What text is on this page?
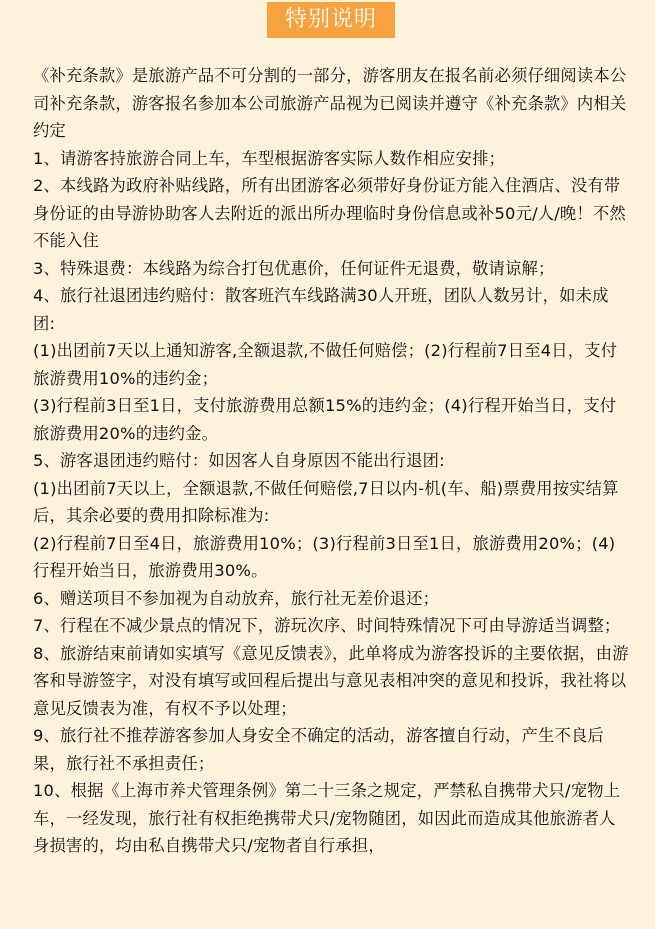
特别说明

《补充条款》是旅游产品不可分割的一部分，游客朋友在报名前必须仔细阅读本公司补充条款，游客报名参加本公司旅游产品视为已阅读并遵守《补充条款》内相关约定

1、请游客持旅游合同上车，车型根据游客实际人数作相应安排；

2、本线路为政府补贴线路，所有出团游客必须带好身份证方能入住酒店、没有带身份证的由导游协助客人去附近的派出所办理临时身份信息或补50元/人/晚！不然不能入住

3、特殊退费：本线路为综合打包优惠价，任何证件无退费，敬请谅解；

4、旅行社退团违约赔付：散客班汽车线路满30人开班，团队人数另计，如未成团:

(1)出团前7天以上通知游客,全额退款,不做任何赔偿；(2)行程前7日至4日，支付旅游费用10%的违约金；

(3)行程前3日至1日，支付旅游费用总额15%的违约金；(4)行程开始当日，支付旅游费用20%的违约金。

5、游客退团违约赔付：如因客人自身原因不能出行退团:

(1)出团前7天以上，全额退款,不做任何赔偿,7日以内-机(车、船)票费用按实结算后，其余必要的费用扣除标准为:

(2)行程前7日至4日，旅游费用10%；(3)行程前3日至1日，旅游费用20%；(4)行程开始当日，旅游费用30%。

6、赠送项目不参加视为自动放弃，旅行社无差价退还；

7、行程在不减少景点的情况下，游玩次序、时间特殊情况下可由导游适当调整；

8、旅游结束前请如实填写《意见反馈表》，此单将成为游客投诉的主要依据，由游客和导游签字，对没有填写或回程后提出与意见表相冲突的意见和投诉，我社将以意见反馈表为准，有权不予以处理；

9、旅行社不推荐游客参加人身安全不确定的活动，游客擅自行动，产生不良后果，旅行社不承担责任；

10、根据《上海市养犬管理条例》第二十三条之规定，严禁私自携带犬只/宠物上车，一经发现，旅行社有权拒绝携带犬只/宠物随团，如因此而造成其他旅游者人身损害的，均由私自携带犬只/宠物者自行承担，
